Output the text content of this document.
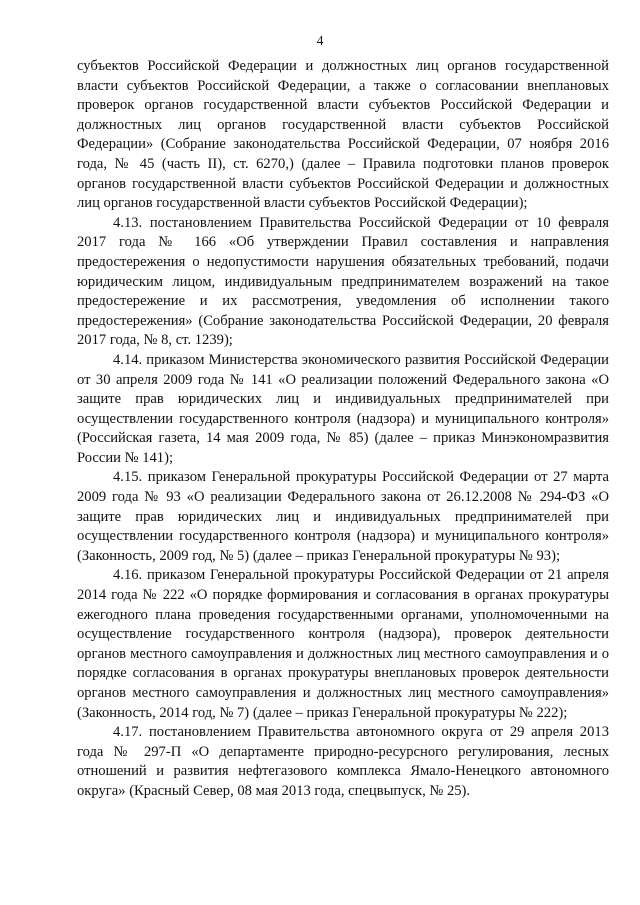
4

субъектов Российской Федерации и должностных лиц органов государственной власти субъектов Российской Федерации, а также о согласовании внеплановых проверок органов государственной власти субъектов Российской Федерации и должностных лиц органов государственной власти субъектов Российской Федерации» (Собрание законодательства Российской Федерации, 07 ноября 2016 года, № 45 (часть II), ст. 6270,) (далее – Правила подготовки планов проверок органов государственной власти субъектов Российской Федерации и должностных лиц органов государственной власти субъектов Российской Федерации);

4.13. постановлением Правительства Российской Федерации от 10 февраля 2017 года № 166 «Об утверждении Правил составления и направления предостережения о недопустимости нарушения обязательных требований, подачи юридическим лицом, индивидуальным предпринимателем возражений на такое предостережение и их рассмотрения, уведомления об исполнении такого предостережения» (Собрание законодательства Российской Федерации, 20 февраля 2017 года, № 8, ст. 1239);

4.14. приказом Министерства экономического развития Российской Федерации от 30 апреля 2009 года № 141 «О реализации положений Федерального закона «О защите прав юридических лиц и индивидуальных предпринимателей при осуществлении государственного контроля (надзора) и муниципального контроля» (Российская газета, 14 мая 2009 года, № 85) (далее – приказ Минэкономразвития России № 141);

4.15. приказом Генеральной прокуратуры Российской Федерации от 27 марта 2009 года № 93 «О реализации Федерального закона от 26.12.2008 № 294-ФЗ «О защите прав юридических лиц и индивидуальных предпринимателей при осуществлении государственного контроля (надзора) и муниципального контроля» (Законность, 2009 год, № 5) (далее – приказ Генеральной прокуратуры № 93);

4.16. приказом Генеральной прокуратуры Российской Федерации от 21 апреля 2014 года № 222 «О порядке формирования и согласования в органах прокуратуры ежегодного плана проведения государственными органами, уполномоченными на осуществление государственного контроля (надзора), проверок деятельности органов местного самоуправления и должностных лиц местного самоуправления и о порядке согласования в органах прокуратуры внеплановых проверок деятельности органов местного самоуправления и должностных лиц местного самоуправления» (Законность, 2014 год, № 7) (далее – приказ Генеральной прокуратуры № 222);

4.17. постановлением Правительства автономного округа от 29 апреля 2013 года № 297-П «О департаменте природно-ресурсного регулирования, лесных отношений и развития нефтегазового комплекса Ямало-Ненецкого автономного округа» (Красный Север, 08 мая 2013 года, спецвыпуск, № 25).
